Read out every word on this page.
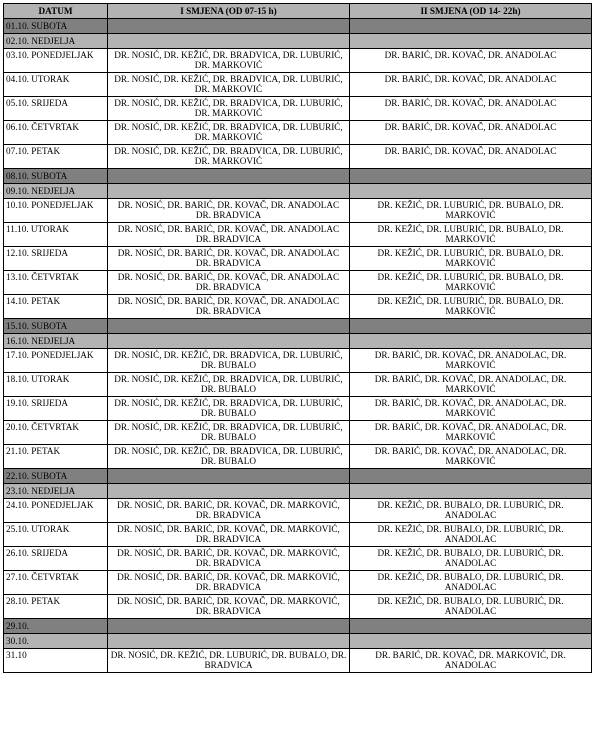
DATUM	I SMJENA (OD 07-15 h)	II SMJENA (OD 14- 22h)
01.10. SUBOTA		
02.10. NEDJELJA		
03.10. PONEDJELJAK	DR. NOSIĆ, DR. KEŽIĆ, DR. BRADVICA, DR. LUBURIĆ, DR. MARKOVIĆ	DR. BARIĆ, DR. KOVAČ, DR. ANADOLAC
04.10. UTORAK	DR. NOSIĆ, DR. KEŽIĆ, DR. BRADVICA, DR. LUBURIĆ, DR. MARKOVIĆ	DR. BARIĆ, DR. KOVAČ, DR. ANADOLAC
05.10. SRIJEDA	DR. NOSIĆ, DR. KEŽIĆ, DR. BRADVICA, DR. LUBURIĆ, DR. MARKOVIĆ	DR. BARIĆ, DR. KOVAČ, DR. ANADOLAC
06.10. ČETVRTAK	DR. NOSIĆ, DR. KEŽIĆ, DR. BRADVICA, DR. LUBURIĆ, DR. MARKOVIĆ	DR. BARIĆ, DR. KOVAČ, DR. ANADOLAC
07.10. PETAK	DR. NOSIĆ, DR. KEŽIĆ, DR. BRADVICA, DR. LUBURIĆ, DR. MARKOVIĆ	DR. BARIĆ, DR. KOVAČ, DR. ANADOLAC
08.10. SUBOTA		
09.10. NEDJELJA		
10.10. PONEDJELJAK	DR. NOSIĆ, DR. BARIĆ, DR. KOVAČ, DR. ANADOLAC DR. BRADVICA	DR. KEŽIĆ, DR. LUBURIĆ, DR. BUBALO, DR. MARKOVIĆ
11.10. UTORAK	DR. NOSIĆ, DR. BARIĆ, DR. KOVAČ, DR. ANADOLAC DR. BRADVICA	DR. KEŽIĆ, DR. LUBURIĆ, DR. BUBALO, DR. MARKOVIĆ
12.10. SRIJEDA	DR. NOSIĆ, DR. BARIĆ, DR. KOVAČ, DR. ANADOLAC DR. BRADVICA	DR. KEŽIĆ, DR. LUBURIĆ, DR. BUBALO, DR. MARKOVIĆ
13.10. ČETVRTAK	DR. NOSIĆ, DR. BARIĆ, DR. KOVAČ, DR. ANADOLAC DR. BRADVICA	DR. KEŽIĆ, DR. LUBURIĆ, DR. BUBALO, DR. MARKOVIĆ
14.10. PETAK	DR. NOSIĆ, DR. BARIĆ, DR. KOVAČ, DR. ANADOLAC DR. BRADVICA	DR. KEŽIĆ, DR. LUBURIĆ, DR. BUBALO, DR. MARKOVIĆ
15.10. SUBOTA		
16.10. NEDJELJA		
17.10. PONEDJELJAK	DR. NOSIĆ, DR. KEŽIĆ, DR. BRADVICA, DR. LUBURIĆ, DR. BUBALO	DR. BARIĆ, DR. KOVAČ, DR. ANADOLAC, DR. MARKOVIĆ
18.10. UTORAK	DR. NOSIĆ, DR. KEŽIĆ, DR. BRADVICA, DR. LUBURIĆ, DR. BUBALO	DR. BARIĆ, DR. KOVAČ, DR. ANADOLAC, DR. MARKOVIĆ
19.10. SRIJEDA	DR. NOSIĆ, DR. KEŽIĆ, DR. BRADVICA, DR. LUBURIĆ, DR. BUBALO	DR. BARIĆ, DR. KOVAČ, DR. ANADOLAC, DR. MARKOVIĆ
20.10. ČETVRTAK	DR. NOSIĆ, DR. KEŽIĆ, DR. BRADVICA, DR. LUBURIĆ, DR. BUBALO	DR. BARIĆ, DR. KOVAČ, DR. ANADOLAC, DR. MARKOVIĆ
21.10. PETAK	DR. NOSIĆ, DR. KEŽIĆ, DR. BRADVICA, DR. LUBURIĆ, DR. BUBALO	DR. BARIĆ, DR. KOVAČ, DR. ANADOLAC, DR. MARKOVIĆ
22.10. SUBOTA		
23.10. NEDJELJA		
24.10. PONEDJELJAK	DR. NOSIĆ, DR. BARIĆ, DR. KOVAČ, DR. MARKOVIĆ, DR. BRADVICA	DR. KEŽIĆ, DR. BUBALO, DR. LUBURIĆ, DR. ANADOLAC
25.10. UTORAK	DR. NOSIĆ, DR. BARIĆ, DR. KOVAČ, DR. MARKOVIĆ, DR. BRADVICA	DR. KEŽIĆ, DR. BUBALO, DR. LUBURIĆ, DR. ANADOLAC
26.10. SRIJEDA	DR. NOSIĆ, DR. BARIĆ, DR. KOVAČ, DR. MARKOVIĆ, DR. BRADVICA	DR. KEŽIĆ, DR. BUBALO, DR. LUBURIĆ, DR. ANADOLAC
27.10. ČETVRTAK	DR. NOSIĆ, DR. BARIĆ, DR. KOVAČ, DR. MARKOVIĆ, DR. BRADVICA	DR. KEŽIĆ, DR. BUBALO, DR. LUBURIĆ, DR. ANADOLAC
28.10. PETAK	DR. NOSIĆ, DR. BARIĆ, DR. KOVAČ, DR. MARKOVIĆ, DR. BRADVICA	DR. KEŽIĆ, DR. BUBALO, DR. LUBURIĆ, DR. ANADOLAC
29.10.		
30.10.		
31.10	DR. NOSIĆ, DR. KEŽIĆ, DR. LUBURIĆ, DR. BUBALO, DR. BRADVICA	DR. BARIĆ, DR. KOVAČ, DR. MARKOVIĆ, DR. ANADOLAC
